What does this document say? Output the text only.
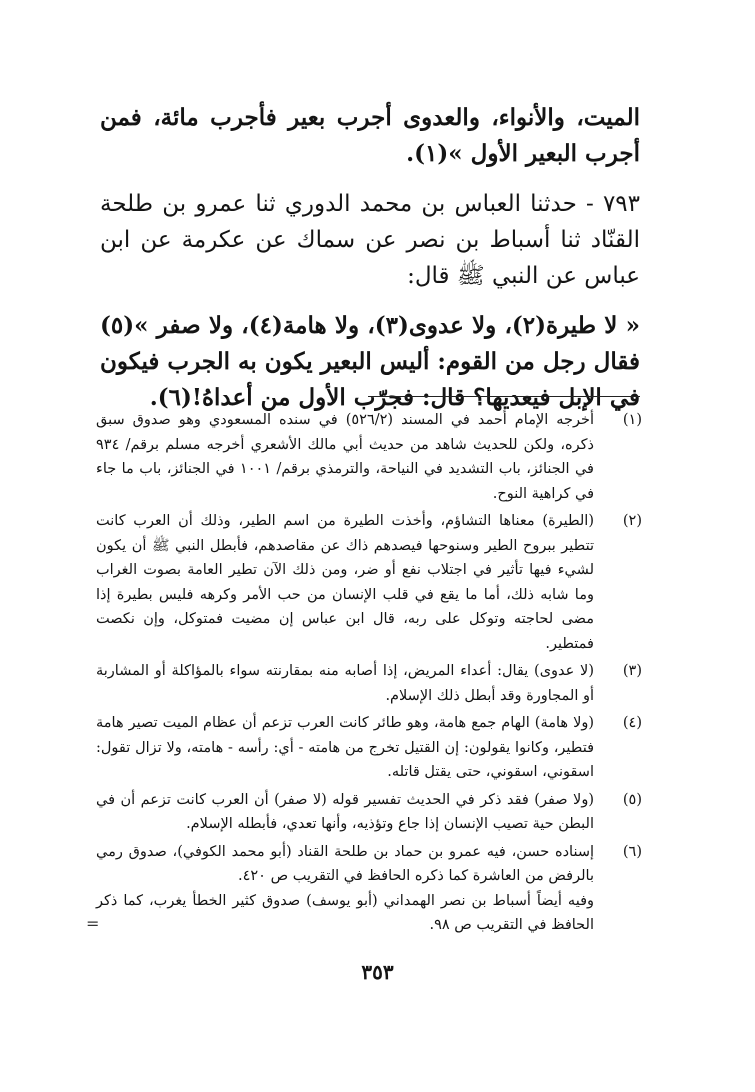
الميت، والأنواء، والعدوى أجرب بعير فأجرب مائة، فمن أجرب البعير الأول »(١).

٧٩٣ - حدثنا العباس بن محمد الدوري ثنا عمرو بن طلحة القنّاد ثنا أسباط بن نصر عن سماك عن عكرمة عن ابن عباس عن النبي ﷺ قال:

« لا طيرة(٢)، ولا عدوى(٣)، ولا هامة(٤)، ولا صفر »(٥) فقال رجل من القوم: أليس البعير يكون به الجرب فيكون في الإبل فيعديها؟ قال: فجرّب الأول من أعداهُ!(٦).

(١)

أخرجه الإمام أحمد في المسند (٥٢٦/٢) في سنده المسعودي وهو صدوق سبق ذكره، ولكن للحديث شاهد من حديث أبي مالك الأشعري أخرجه مسلم برقم/ ٩٣٤ في الجنائز، باب التشديد في النياحة، والترمذي برقم/ ١٠٠١ في الجنائز، باب ما جاء في كراهية النوح.

(٢)

(الطيرة) معناها التشاؤم، وأخذت الطيرة من اسم الطير، وذلك أن العرب كانت تتطير ببروح الطير وسنوحها فيصدهم ذاك عن مقاصدهم، فأبطل النبي ﷺ أن يكون لشيء فيها تأثير في اجتلاب نفع أو ضر، ومن ذلك الآن تطير العامة بصوت الغراب وما شابه ذلك، أما ما يقع في قلب الإنسان من حب الأمر وكرهه فليس بطيرة إذا مضى لحاجته وتوكل على ربه، قال ابن عباس إن مضيت فمتوكل، وإن نكصت فمتطير.

(٣)

(لا عدوى) يقال: أعداء المريض، إذا أصابه منه بمقارنته سواء بالمؤاكلة أو المشاربة أو المجاورة وقد أبطل ذلك الإسلام.

(٤)

(ولا هامة) الهام جمع هامة، وهو طائر كانت العرب تزعم أن عظام الميت تصير هامة فتطير، وكانوا يقولون: إن القتيل تخرج من هامته - أي: رأسه - هامته، ولا تزال تقول: اسقوني، اسقوني، حتى يقتل قاتله.

(٥)

(ولا صفر) فقد ذكر في الحديث تفسير قوله (لا صفر) أن العرب كانت تزعم أن في البطن حية تصيب الإنسان إذا جاع وتؤذيه، وأنها تعدي، فأبطله الإسلام.

(٦)

إسناده حسن، فيه عمرو بن حماد بن طلحة القناد (أبو محمد الكوفي)، صدوق رمي بالرفض من العاشرة كما ذكره الحافظ في التقريب ص ٤٢٠.

وفيه أيضاً أسباط بن نصر الهمداني (أبو يوسف) صدوق كثير الخطأ يغرب، كما ذكر الحافظ في التقريب ص ٩٨.

=
٣٥٣
